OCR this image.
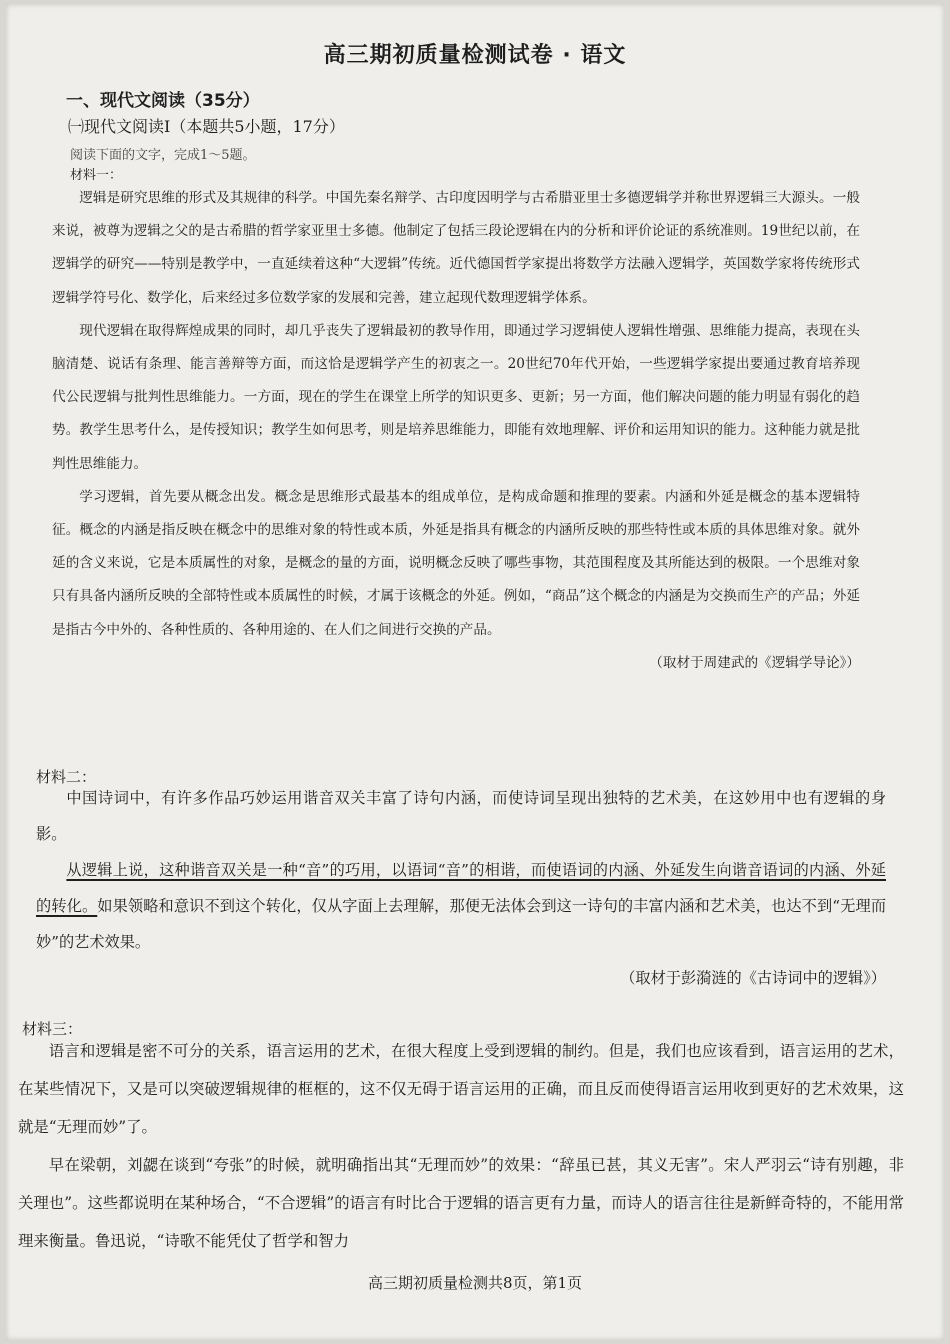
高三期初质量检测试卷 · 语文
一、现代文阅读（35分）
㈠现代文阅读Ⅰ（本题共5小题，17分）
阅读下面的文字，完成1～5题。
材料一：

逻辑是研究思维的形式及其规律的科学。中国先秦名辩学、古印度因明学与古希腊亚里士多德逻辑学并称世界逻辑三大源头。一般来说，被尊为逻辑之父的是古希腊的哲学家亚里士多德。他制定了包括三段论逻辑在内的分析和评价论证的系统准则。19世纪以前，在逻辑学的研究——特别是教学中，一直延续着这种“大逻辑”传统。近代德国哲学家提出将数学方法融入逻辑学，英国数学家将传统形式逻辑学符号化、数学化，后来经过多位数学家的发展和完善，建立起现代数理逻辑学体系。

现代逻辑在取得辉煌成果的同时，却几乎丧失了逻辑最初的教导作用，即通过学习逻辑使人逻辑性增强、思维能力提高，表现在头脑清楚、说话有条理、能言善辩等方面，而这恰是逻辑学产生的初衷之一。20世纪70年代开始，一些逻辑学家提出要通过教育培养现代公民逻辑与批判性思维能力。一方面，现在的学生在课堂上所学的知识更多、更新；另一方面，他们解决问题的能力明显有弱化的趋势。教学生思考什么，是传授知识；教学生如何思考，则是培养思维能力，即能有效地理解、评价和运用知识的能力。这种能力就是批判性思维能力。

学习逻辑，首先要从概念出发。概念是思维形式最基本的组成单位，是构成命题和推理的要素。内涵和外延是概念的基本逻辑特征。概念的内涵是指反映在概念中的思维对象的特性或本质，外延是指具有概念的内涵所反映的那些特性或本质的具体思维对象。就外延的含义来说，它是本质属性的对象，是概念的量的方面，说明概念反映了哪些事物，其范围程度及其所能达到的极限。一个思维对象只有具备内涵所反映的全部特性或本质属性的时候，才属于该概念的外延。例如，“商品”这个概念的内涵是为交换而生产的产品；外延是指古今中外的、各种性质的、各种用途的、在人们之间进行交换的产品。

（取材于周建武的《逻辑学导论》）

材料二：

中国诗词中，有许多作品巧妙运用谐音双关丰富了诗句内涵，而使诗词呈现出独特的艺术美，在这妙用中也有逻辑的身影。

从逻辑上说，这种谐音双关是一种“音”的巧用，以语词“音”的相谐，而使语词的内涵、外延发生向谐音语词的内涵、外延的转化。如果领略和意识不到这个转化，仅从字面上去理解，那便无法体会到这一诗句的丰富内涵和艺术美，也达不到“无理而妙”的艺术效果。

（取材于彭漪涟的《古诗词中的逻辑》）

材料三：

语言和逻辑是密不可分的关系，语言运用的艺术，在很大程度上受到逻辑的制约。但是，我们也应该看到，语言运用的艺术，在某些情况下，又是可以突破逻辑规律的框框的，这不仅无碍于语言运用的正确，而且反而使得语言运用收到更好的艺术效果，这就是“无理而妙”了。

早在梁朝，刘勰在谈到“夸张”的时候，就明确指出其“无理而妙”的效果：“辞虽已甚，其义无害”。宋人严羽云“诗有别趣，非关理也”。这些都说明在某种场合，“不合逻辑”的语言有时比合于逻辑的语言更有力量，而诗人的语言往往是新鲜奇特的，不能用常理来衡量。鲁迅说，“诗歌不能凭仗了哲学和智力

高三期初质量检测共8页，第1页
